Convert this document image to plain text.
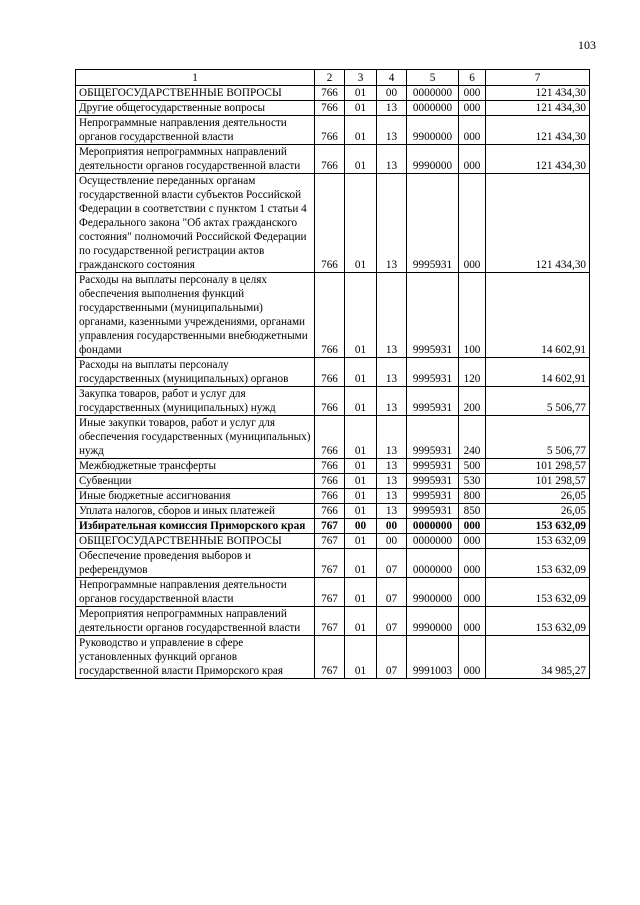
103
1	2	3	4	5	6	7
ОБЩЕГОСУДАРСТВЕННЫЕ ВОПРОСЫ	766	01	00	0000000	000	121 434,30
Другие общегосударственные вопросы	766	01	13	0000000	000	121 434,30
Непрограммные направления деятельности органов государственной власти	766	01	13	9900000	000	121 434,30
Мероприятия непрограммных направлений деятельности органов государственной власти	766	01	13	9990000	000	121 434,30
Осуществление переданных органам государственной власти субъектов Российской Федерации в соответствии с пунктом 1 статьи 4 Федерального закона "Об актах гражданского состояния" полномочий Российской Федерации по государственной регистрации актов гражданского состояния	766	01	13	9995931	000	121 434,30
Расходы на выплаты персоналу в целях обеспечения выполнения функций государственными (муниципальными) органами, казенными учреждениями, органами управления государственными внебюджетными фондами	766	01	13	9995931	100	14 602,91
Расходы на выплаты персоналу государственных (муниципальных) органов	766	01	13	9995931	120	14 602,91
Закупка товаров, работ и услуг для государственных (муниципальных) нужд	766	01	13	9995931	200	5 506,77
Иные закупки товаров, работ и услуг для обеспечения государственных (муниципальных) нужд	766	01	13	9995931	240	5 506,77
Межбюджетные трансферты	766	01	13	9995931	500	101 298,57
Субвенции	766	01	13	9995931	530	101 298,57
Иные бюджетные ассигнования	766	01	13	9995931	800	26,05
Уплата налогов, сборов и иных платежей	766	01	13	9995931	850	26,05
Избирательная комиссия Приморского края	767	00	00	0000000	000	153 632,09
ОБЩЕГОСУДАРСТВЕННЫЕ ВОПРОСЫ	767	01	00	0000000	000	153 632,09
Обеспечение проведения выборов и референдумов	767	01	07	0000000	000	153 632,09
Непрограммные направления деятельности органов государственной власти	767	01	07	9900000	000	153 632,09
Мероприятия непрограммных направлений деятельности органов государственной власти	767	01	07	9990000	000	153 632,09
Руководство и управление в сфере установленных функций органов государственной власти Приморского края	767	01	07	9991003	000	34 985,27
